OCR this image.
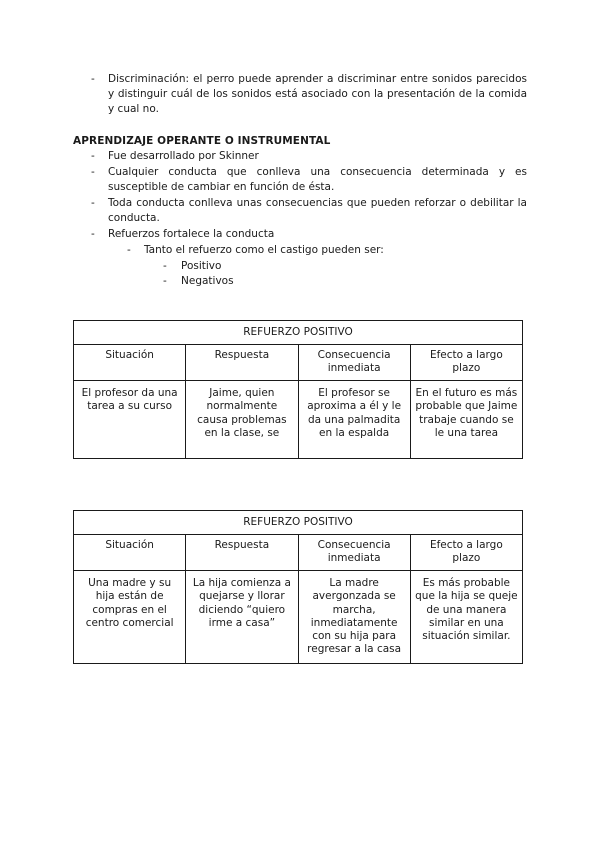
-	Discriminación: el perro puede aprender a discriminar entre sonidos parecidos y distinguir cuál de los sonidos está asociado con la presentación de la comida y cual no.
APRENDIZAJE OPERANTE O INSTRUMENTAL
-	Fue desarrollado por Skinner
-	Cualquier conducta que conlleva una consecuencia determinada y es susceptible de cambiar en función de ésta.
-	Toda conducta conlleva unas consecuencias que pueden reforzar o debilitar la conducta.
-	Refuerzos fortalece la conducta
-	Tanto el refuerzo como el castigo pueden ser:
-	Positivo
-	Negativos
REFUERZO POSITIVO			
Situación	Respuesta	Consecuencia inmediata	Efecto a largo plazo
El profesor da una tarea a su curso	Jaime, quien normalmente causa problemas en la clase, se	El profesor se aproxima a él y le da una palmadita en la espalda	En el futuro es más probable que Jaime trabaje cuando se le una tarea
REFUERZO POSITIVO			
Situación	Respuesta	Consecuencia inmediata	Efecto a largo plazo
Una madre y su hija están de compras en el centro comercial	La hija comienza a quejarse y llorar diciendo “quiero irme a casa”	La madre avergonzada se marcha, inmediatamente con su hija para regresar a la casa	Es más probable que la hija se queje de una manera similar en una situación similar.
